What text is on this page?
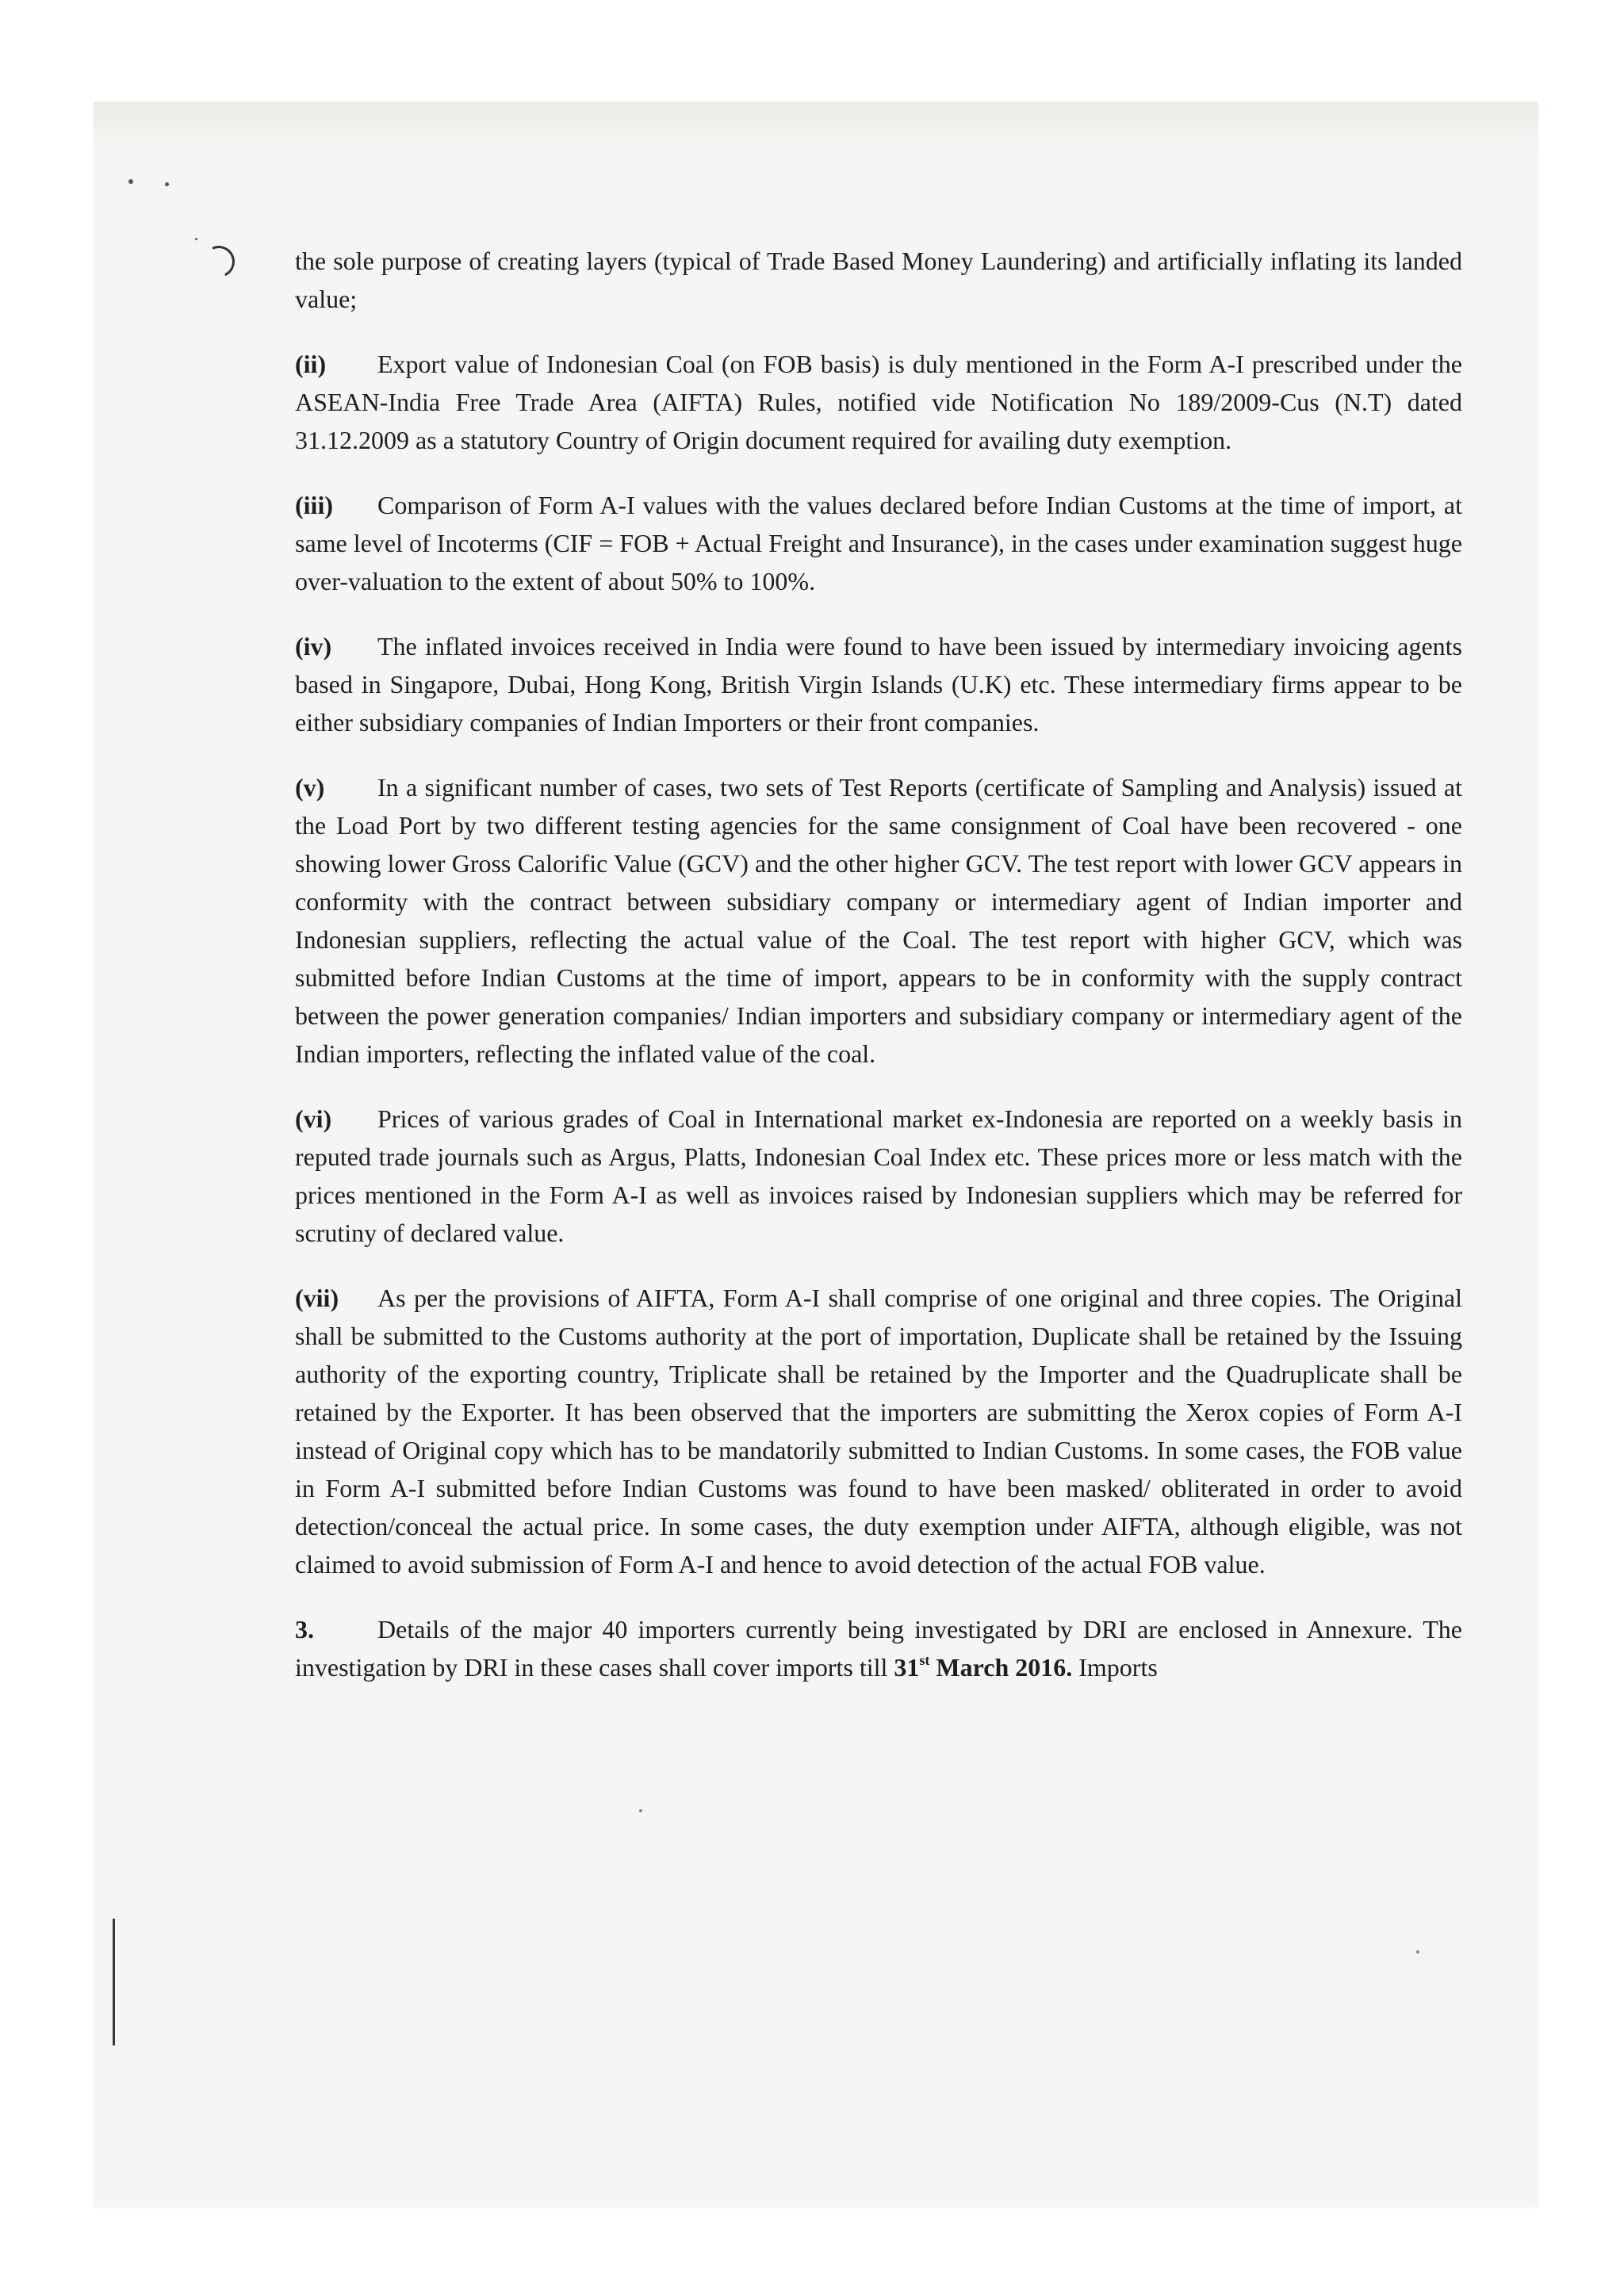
the sole purpose of creating layers (typical of Trade Based Money Laundering) and artificially inflating its landed value;

(ii) Export value of Indonesian Coal (on FOB basis) is duly mentioned in the Form A-I prescribed under the ASEAN-India Free Trade Area (AIFTA) Rules, notified vide Notification No 189/2009-Cus (N.T) dated 31.12.2009 as a statutory Country of Origin document required for availing duty exemption.

(iii) Comparison of Form A-I values with the values declared before Indian Customs at the time of import, at same level of Incoterms (CIF = FOB + Actual Freight and Insurance), in the cases under examination suggest huge over-valuation to the extent of about 50% to 100%.

(iv) The inflated invoices received in India were found to have been issued by intermediary invoicing agents based in Singapore, Dubai, Hong Kong, British Virgin Islands (U.K) etc. These intermediary firms appear to be either subsidiary companies of Indian Importers or their front companies.

(v) In a significant number of cases, two sets of Test Reports (certificate of Sampling and Analysis) issued at the Load Port by two different testing agencies for the same consignment of Coal have been recovered - one showing lower Gross Calorific Value (GCV) and the other higher GCV. The test report with lower GCV appears in conformity with the contract between subsidiary company or intermediary agent of Indian importer and Indonesian suppliers, reflecting the actual value of the Coal. The test report with higher GCV, which was submitted before Indian Customs at the time of import, appears to be in conformity with the supply contract between the power generation companies/ Indian importers and subsidiary company or intermediary agent of the Indian importers, reflecting the inflated value of the coal.

(vi) Prices of various grades of Coal in International market ex-Indonesia are reported on a weekly basis in reputed trade journals such as Argus, Platts, Indonesian Coal Index etc. These prices more or less match with the prices mentioned in the Form A-I as well as invoices raised by Indonesian suppliers which may be referred for scrutiny of declared value.

(vii) As per the provisions of AIFTA, Form A-I shall comprise of one original and three copies. The Original shall be submitted to the Customs authority at the port of importation, Duplicate shall be retained by the Issuing authority of the exporting country, Triplicate shall be retained by the Importer and the Quadruplicate shall be retained by the Exporter. It has been observed that the importers are submitting the Xerox copies of Form A-I instead of Original copy which has to be mandatorily submitted to Indian Customs. In some cases, the FOB value in Form A-I submitted before Indian Customs was found to have been masked/ obliterated in order to avoid detection/conceal the actual price. In some cases, the duty exemption under AIFTA, although eligible, was not claimed to avoid submission of Form A-I and hence to avoid detection of the actual FOB value.

3.	Details of the major 40 importers currently being investigated by DRI are enclosed in Annexure. The investigation by DRI in these cases shall cover imports till 31st March 2016. Imports
